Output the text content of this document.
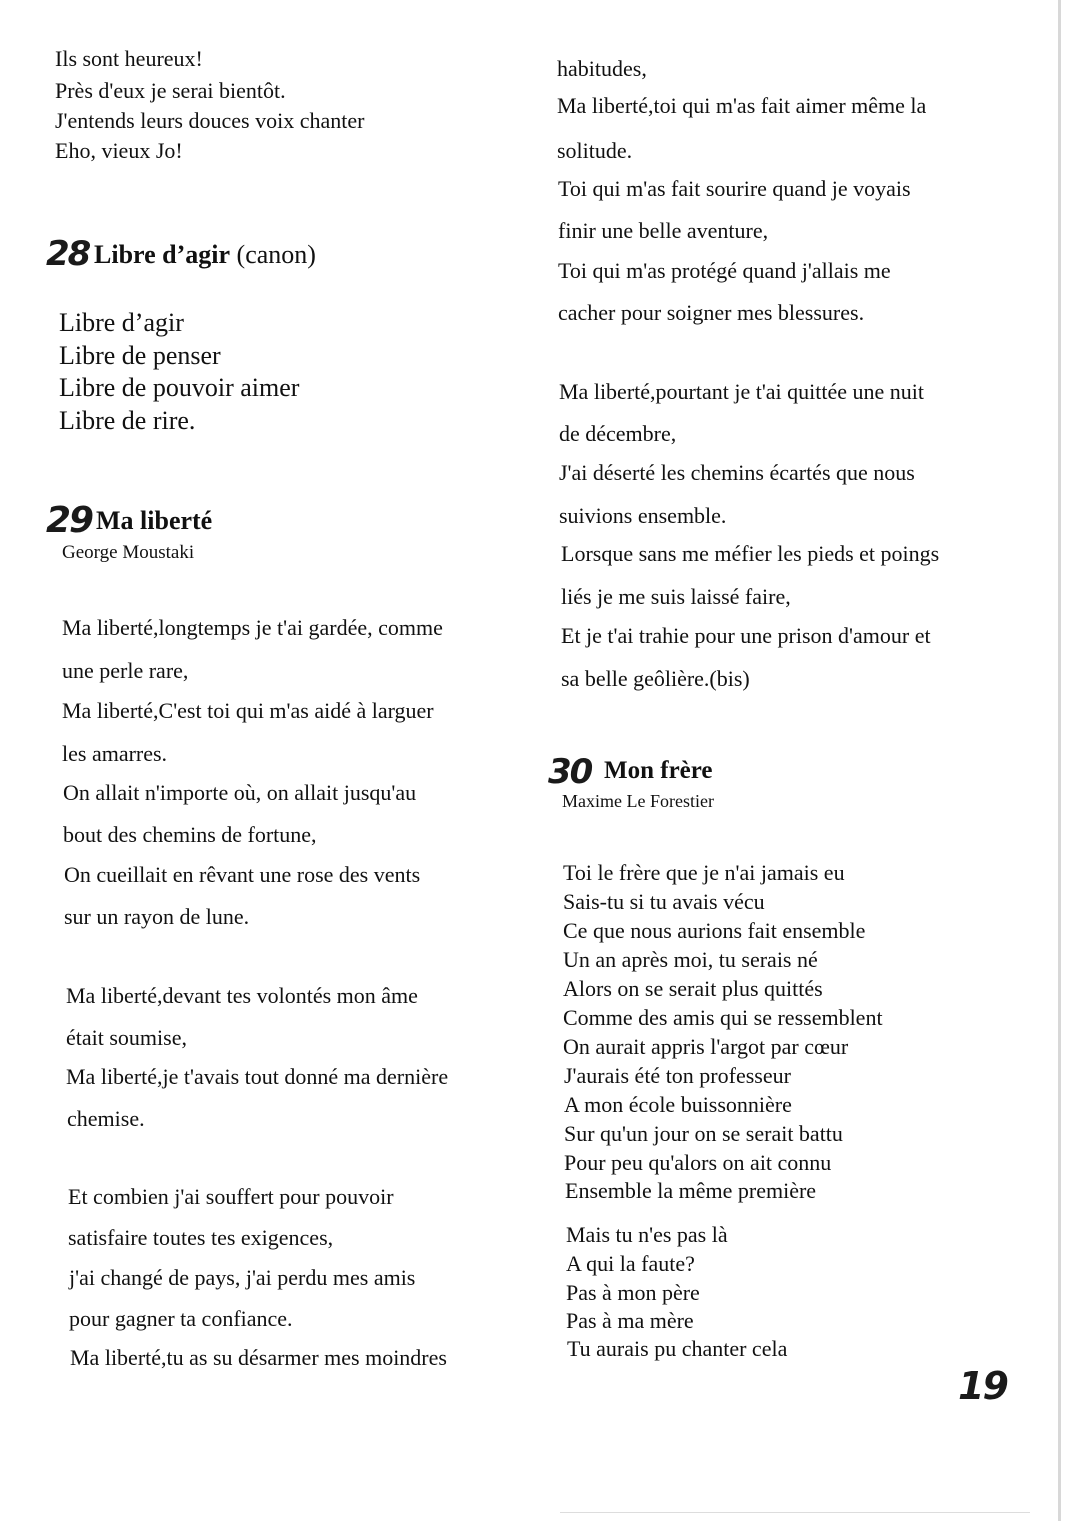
Ils sont heureux!
Près d'eux je serai bientôt.
J'entends leurs douces voix chanter
Eho, vieux Jo!
28 Libre d’agir (canon)
Libre d’agir
Libre de penser
Libre de pouvoir aimer
Libre de rire.
29 Ma liberté
George Moustaki
Ma liberté,longtemps je t'ai gardée, comme
une perle rare,
Ma liberté,C'est toi qui m'as aidé à larguer
les amarres.
On allait n'importe où, on allait jusqu'au
bout des chemins de fortune,
On cueillait en rêvant une rose des vents
sur un rayon de lune.
Ma liberté,devant tes volontés mon âme
était soumise,
Ma liberté,je t'avais tout donné ma dernière
chemise.
Et combien j'ai souffert pour pouvoir
satisfaire toutes tes exigences,
j'ai changé de pays, j'ai perdu mes amis
pour gagner ta confiance.
Ma liberté,tu as su désarmer mes moindres
habitudes,
Ma liberté,toi qui m'as fait aimer même la
solitude.
Toi qui m'as fait sourire quand je voyais
finir une belle aventure,
Toi qui m'as protégé quand j'allais me
cacher pour soigner mes blessures.
Ma liberté,pourtant je t'ai quittée une nuit
de décembre,
J'ai déserté les chemins écartés que nous
suivions ensemble.
Lorsque sans me méfier les pieds et poings
liés je me suis laissé faire,
Et je t'ai trahie pour une prison d'amour et
sa belle geôlière.(bis)
30 Mon frère
Maxime Le Forestier
Toi le frère que je n'ai jamais eu
Sais-tu si tu avais vécu
Ce que nous aurions fait ensemble
Un an après moi, tu serais né
Alors on se serait plus quittés
Comme des amis qui se ressemblent
On aurait appris l'argot par cœur
J'aurais été ton professeur
A mon école buissonnière
Sur qu'un jour on se serait battu
Pour peu qu'alors on ait connu
Ensemble la même première
Mais tu n'es pas là
A qui la faute?
Pas à mon père
Pas à ma mère
Tu aurais pu chanter cela
19
